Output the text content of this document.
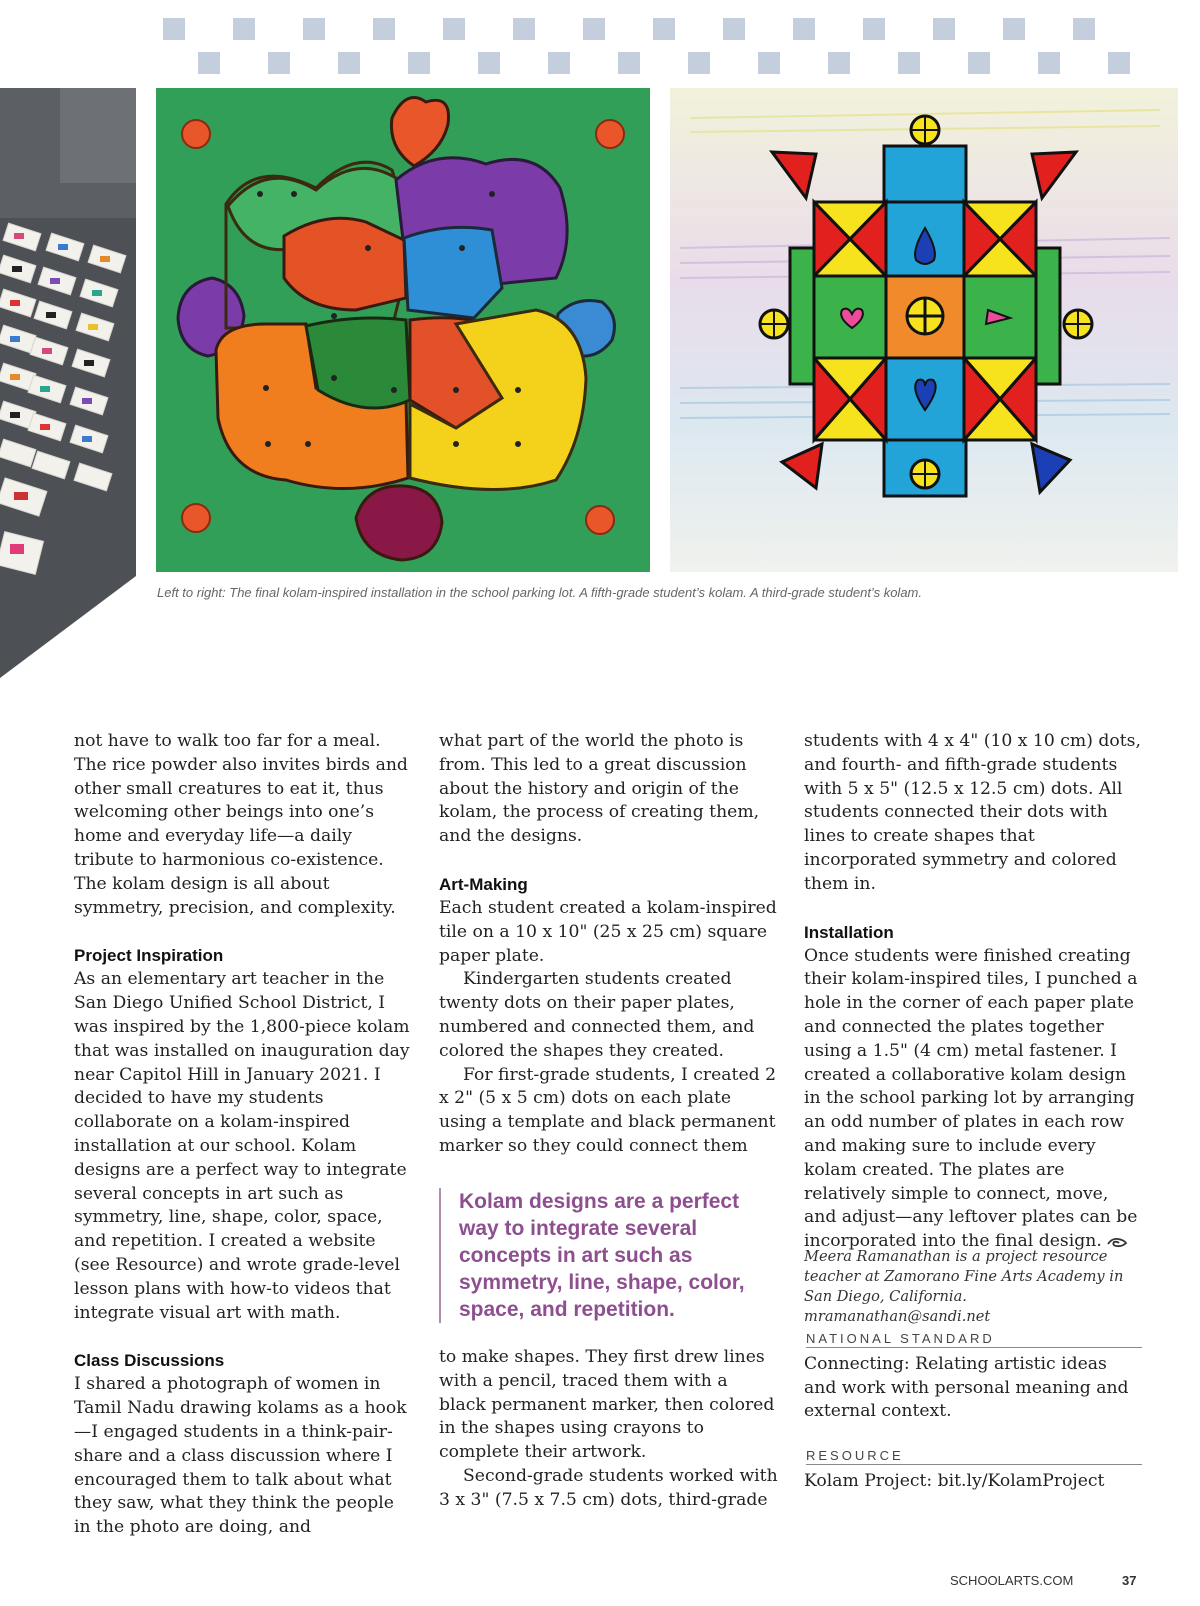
Left to right: The final kolam-inspired installation in the school parking lot. A fifth-grade student’s kolam. A third-grade student’s kolam.

not have to walk too far for a meal. The rice powder also invites birds and other small creatures to eat it, thus welcoming other beings into one’s home and everyday life—a daily tribute to harmonious co-existence. The kolam design is all about symmetry, precision, and complexity.

Project Inspiration

As an elementary art teacher in the San Diego Unified School District, I was inspired by the 1,800-piece kolam that was installed on inauguration day near Capitol Hill in January 2021. I decided to have my students collaborate on a kolam-inspired installation at our school. Kolam designs are a perfect way to integrate several concepts in art such as symmetry, line, shape, color, space, and repetition. I created a website (see Resource) and wrote grade-level lesson plans with how-to videos that integrate visual art with math.

Class Discussions

I shared a photograph of women in Tamil Nadu drawing kolams as a hook—I engaged students in a think-pair-share and a class discussion where I encouraged them to talk about what they saw, what they think the people in the photo are doing, and

what part of the world the photo is from. This led to a great discussion about the history and origin of the kolam, the process of creating them, and the designs.

Art-Making

Each student created a kolam-inspired tile on a 10 x 10" (25 x 25 cm) square paper plate.

Kindergarten students created twenty dots on their paper plates, numbered and connected them, and colored the shapes they created.

For first-grade students, I created 2 x 2" (5 x 5 cm) dots on each plate using a template and black permanent marker so they could connect them

Kolam designs are a perfect way to integrate several concepts in art such as symmetry, line, shape, color, space, and repetition.

to make shapes. They first drew lines with a pencil, traced them with a black permanent marker, then colored in the shapes using crayons to complete their artwork.

Second-grade students worked with 3 x 3" (7.5 x 7.5 cm) dots, third-grade

students with 4 x 4" (10 x 10 cm) dots, and fourth- and fifth-grade students with 5 x 5" (12.5 x 12.5 cm) dots. All students connected their dots with lines to create shapes that incorporated symmetry and colored them in.

Installation

Once students were finished creating their kolam-inspired tiles, I punched a hole in the corner of each paper plate and connected the plates together using a 1.5" (4 cm) metal fastener. I created a collaborative kolam design in the school parking lot by arranging an odd number of plates in each row and making sure to include every kolam created. The plates are relatively simple to connect, move, and adjust—any leftover plates can be incorporated into the final design.

Meera Ramanathan is a project resource teacher at Zamorano Fine Arts Academy in San Diego, California. mramanathan@sandi.net
NATIONAL STANDARD
Connecting: Relating artistic ideas and work with personal meaning and external context.
RESOURCE
Kolam Project: bit.ly/KolamProject
SCHOOLARTS.COM	37
